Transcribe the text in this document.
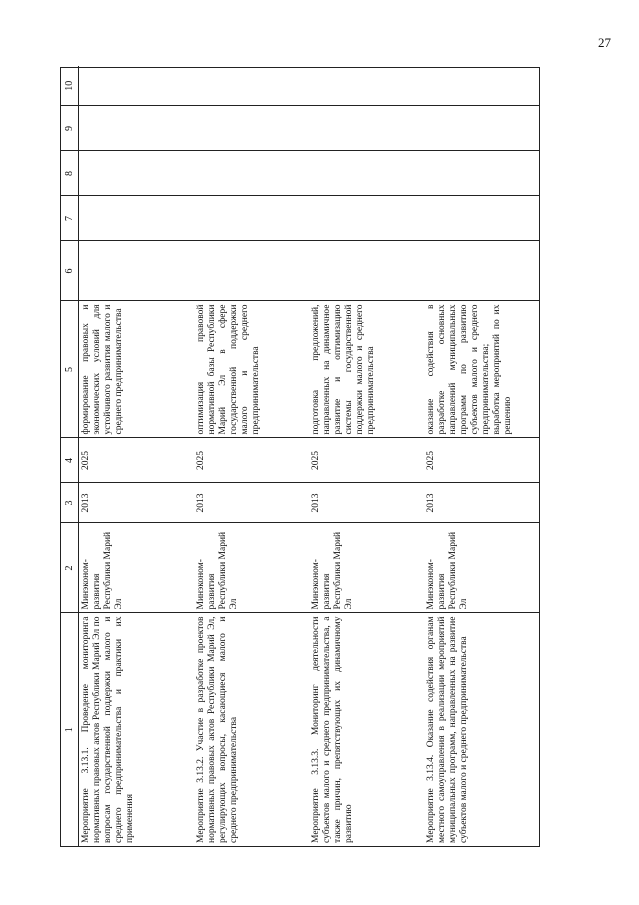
27
1	2	3	4	5	6	7	8	9	10
Мероприятие 3.13.1. Проведение мониторинга нормативных правовых актов Республики Марий Эл по вопросам государственной поддержки малого и среднего предпринимательства и практики их применения	Минэконом-развития Республики Марий Эл	2013	2025	формирование правовых и экономических условий для устойчивого развития малого и среднего предпринимательства					
Мероприятие 3.13.2. Участие в разработке проектов нормативных правовых актов Республики Марий Эл, регулирующих вопросы, касающиеся малого и среднего предпринимательства	Минэконом-развития Республики Марий Эл	2013	2025	оптимизация правовой нормативной базы Республики Марий Эл в сфере государственной поддержки малого и среднего предпринимательства					
Мероприятие 3.13.3. Мониторинг деятельности субъектов малого и среднего предпринимательства, а также причин, препятствующих их динамичному развитию	Минэконом-развития Республики Марий Эл	2013	2025	подготовка предложений, направленных на динамичное развитие и оптимизацию системы государственной поддержки малого и среднего предпринимательства					
Мероприятие 3.13.4. Оказание содействия органам местного самоуправления в реализации мероприятий муниципальных программ, направленных на развитие субъектов малого и среднего предпринимательства	Минэконом-развития Республики Марий Эл	2013	2025	оказание содействия в разработке основных направлений муниципальных программ по развитию субъектов малого и среднего предпринимательства; выработка мероприятий по их решению					
